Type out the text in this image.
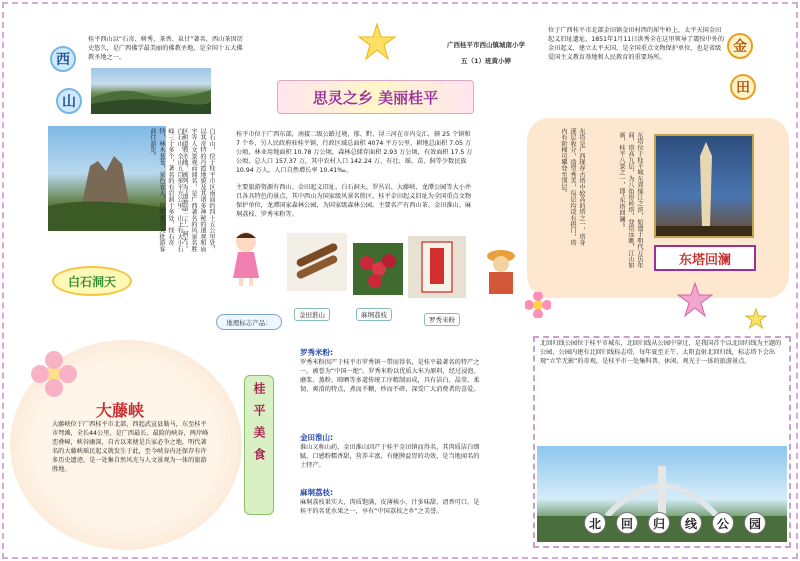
广西桂平市西山镇城南小学
五（1）班黄小婷
思灵之乡 美丽桂平
西
山
桂平西山以“石奇、树秀、茶香、泉甘”著名，西山茶因历史悠久，是广西佛学最美丽的佛教圣地，是全国十五大佛教圣地之一。
白石山，位于桂平市区南面约四十五公里处，以其奇特的丹霞地貌及其诸多神秘的道观和庙宇等人文景观而闻名，是广西著名的风景名胜区和道教圣地，被列为“道教第二十一洞天”。
白石山，全山五百多平方公里，山上有大小石峰三十多个，著名的有岩洞十多处，怪石奇特，林木葱茏，景色宜人，每年吸引大批游客前往游览。
白石洞天
桂平市位于广西东部，南接二级公路过境，郁、黔、浔三河在市内交汇，辖 25 个镇和 7 个乡，另人民政府驻桂平镇，行政区域总面积 4074 平方公里，耕地总面积 7.05 万公顷，林业用地面积 10.78 万公顷，森林总储存面积 2.93 万公顷，有效面积 17.5 万公顷，总人口 157.37 万，其中农村人口 142.24 万，有壮、瑶、苗、侗等少数民族 10.94 万人，人口自然增长率 10.41‰。
主要旅游资源有西山、金田起义旧址、白石洞天、罗丛岩、大藤峡、龙潭公园等大小并且各具特色的景点，其中西山为国家级风景名胜区，桂平金田起义旧址为全国重点文物保护单位，龙潭国家森林公园，为国家级森林公园。主要名产有西山茶、金田淮山、麻垌荔枝、罗秀米粉等。
金田淮山	麻垌荔枝
罗秀米粉
地理标志产品：
金
田
位于广西桂平市北部金田镇金田村西的犀牛岭上，太平天国金田起义旧址遗址，1851年1月11日洪秀全在这里领导了震惊中外的金田起义，建立太平天国，是全国重点文物保护单位，也是省级爱国主义教育基地和人民教育的重要场所。
东塔是广西现存古塔中较高的塔之一，塔身逐层收分，造型秀美，每层均设有拱门，塔内有阶梯可攀登至顶层。	东塔位于桂平城东郊郁江之滨，始建于明代万历年间，塔高九层，为八角形砖塔，登塔远眺，江山如画，桂平八景之一，即“东塔回澜”。
东塔回澜
大藤峡
大藤峡位于广西桂平市北部，西起武宣县勒马，东至桂平市弩滩，全长44公里，是广西最长、最险的峡谷，两岸峰峦叠嶂，峡谷幽深，自古以来便是兵家必争之地，明代著名的大藤峡瑶民起义就发生于此，至今峡谷内还保存有许多历史遗迹，是一处集自然风光与人文景观为一体的旅游胜地。	桂平美食
罗秀米粉:
罗秀米粉因产于桂平市罗秀镇一带而得名，是桂平最著名的特产之一，被誉为“中国一绝”。罗秀米粉以优质大米为原料，经过浸泡、磨浆、蒸粉、晾晒等多道传统工序精制而成，具有洁白、晶莹、柔韧、爽滑的特点，煮而不糊，炒而不碎，深受广大消费者的喜爱。
金田淮山:
淮山又称山药，金田淮山因产于桂平金田镇而得名，其肉质洁白细腻，口感粉糯香甜，营养丰富，有健脾益胃的功效，是当地闻名的土特产。
麻垌荔枝:
麻垌荔枝果实大，肉质饱满，皮薄核小，汁多味甜，清香可口，是桂平的名优水果之一，享有“中国荔枝之乡”之美誉。
北回归线公园位于桂平市城东，北回归线从公园中穿过，是我国首个以北回归线为主题的公园，公园内建有北回归线标志塔，每年夏至正午，太阳直射北回归线，标志塔下会出现“立竿无影”的奇观，是桂平市一处集科普、休闲、观光于一体的旅游景点。
北	回	归	线	公	园
